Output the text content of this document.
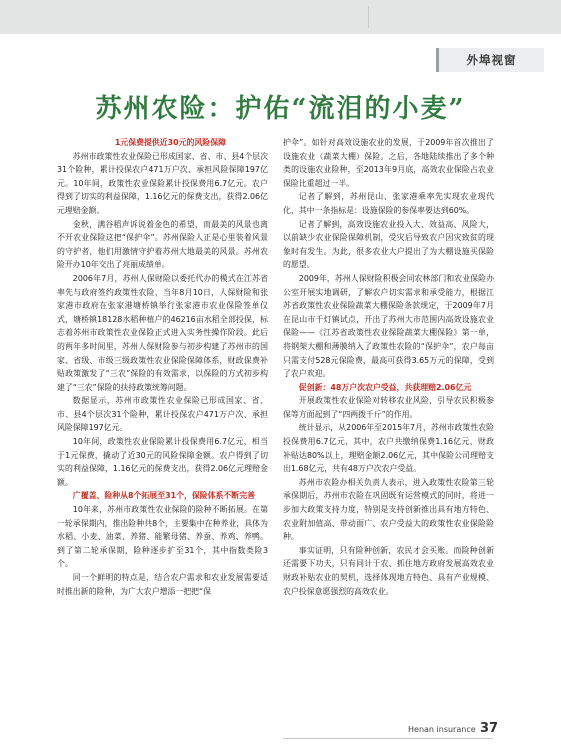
外埠视窗
苏州农险：护佑“流泪的小麦”

1元保费提供近30元的风险保障

苏州市政策性农业保险已形成国家、省、市、县4个层次31个险种，累计投保农户471万户次、承担风险保障197亿元。10年间，政策性农业保险累计投保费用6.7亿元。农户得到了切实的利益保障，1.16亿元的保费支出，获得2.06亿元理赔金额。

金秋，满谷稻声诉说着金色的希望，而最美的风景也离不开农业保险这把“保护伞”。苏州保险人正是心里装着风景的守护者，他们用激情守护着苏州大地最美的风景。苏州农险开办10年交出了亮丽成绩单。

2006年7月，苏州人保财险以委托代办的模式在江苏省率先与政府签约政策性农险，当年8月10日，人保财险和张家港市政府在张家港塘桥镇举行张家港市农业保险签单仪式，塘桥镇18128水稻种植户的46216亩水稻全部投保，标志着苏州市政策性农业保险正式进入实务性操作阶段。此后的两年多时间里，苏州人保财险参与初步构建了苏州市的国家、省级、市级三级政策性农业保险保障体系，财政保费补贴政策激发了“三农”保险的有效需求，以保险的方式初步构建了“三农”保险的扶持政策统筹问题。

数据显示，苏州市政策性农业保险已形成国家、省、市、县4个层次31个险种，累计投保农户471万户次、承担风险保障197亿元。

10年间，政策性农业保险累计投保费用6.7亿元，相当于1元保费，撬动了近30元的风险保障金额。农户得到了切实的利益保障，1.16亿元的保费支出，获得2.06亿元理赔金额。

广覆盖、险种从8个拓展至31个，保险体系不断完善

10年来，苏州市政策性农业保险的险种不断拓展。在第一轮承保期内，推出险种共8个，主要集中在种养业，具体为水稻、小麦、油菜、养猪、能繁母猪、养蚕、养鸡、养鸭。到了第二轮承保期，险种逐步扩至31个，其中指数类险3个。

同一个鲜明的特点是，结合农户需求和农业发展需要适时推出新的险种，为广大农户增添一把把“保

护伞”。如针对高效设施农业的发展，于2009年首次推出了设施农业（蔬菜大棚）保险。之后，各地陆续推出了多个种类的设施农业险种，至2013年9月底，高效农业保险占农业保险比重超过一半。

记者了解到，苏州昆山、张家港乘率先实现农业现代化，其中一条指标是：设施保险的参保率要达到60%。

记者了解到，高效设施农业投入大、效益高、风险大，以前缺少农业保险保障机制，受灾后导致农户因灾致贫的现象时有发生。为此，很多农业大户提出了为大棚设施买保险的愿望。

2009年，苏州人保财险积极会同农林部门和农业保险办公室开展实地调研，了解农户切实需求和承受能力，根据江苏省政策性农业保险蔬菜大棚保险条款规定，于2009年7月在昆山市千灯镇试点，开出了苏州大市范围内高效设施农业保险——《江苏省政策性农业保险蔬菜大棚保险》第一单，将钢架大棚和薄膜纳入了政策性农险的“保护伞”，农户每亩只需支付528元保险费，最高可获得3.65万元的保障，受到了农户欢迎。

促创新：48万户次农户受益，共获理赔2.06亿元

开展政策性农业保险对转移农业风险，引导农民积极参保等方面起到了“四两拨千斤”的作用。

统计显示，从2006年至2015年7月，苏州市政策性农险投保费用6.7亿元，其中，农户共缴纳保费1.16亿元，财政补贴达80%以上，理赔金额2.06亿元，其中保险公司理赔支出1.68亿元，共有48万户次农户受益。

苏州市农险办相关负责人表示，进入政策性农险第三轮承保期后，苏州市农险在巩固既有运营模式的同时，将进一步加大政策支持力度，特别是支持创新推出具有地方特色、农业附加值高、带动面广、农户受益大的政策性农业保险险种。

事实证明，只有险种创新，农民才会买账。而险种创新还需要下功夫，只有同计于农、抓住地方政府发展高效农业财政补贴农业的契机，选择体现地方特色、具有产业规模、农户投保意愿强烈的高效农业。

Henan insurance 37
